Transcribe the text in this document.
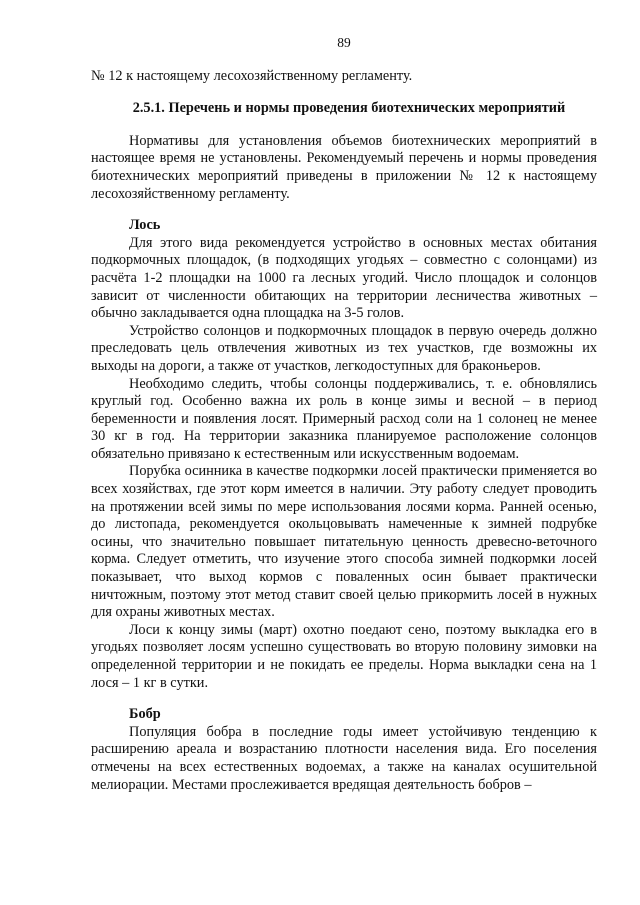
89

№ 12 к настоящему лесохозяйственному регламенту.

2.5.1. Перечень и нормы проведения биотехнических мероприятий

Нормативы для установления объемов биотехнических мероприятий в настоящее время не установлены. Рекомендуемый перечень и нормы проведения биотехнических мероприятий приведены в приложении № 12 к настоящему лесохозяйственному регламенту.

Лось

Для этого вида рекомендуется устройство в основных местах обитания подкормочных площадок, (в подходящих угодьях – совместно с солонцами) из расчёта 1-2 площадки на 1000 га лесных угодий. Число площадок и солонцов зависит от численности обитающих на территории лесничества животных – обычно закладывается одна площадка на 3-5 голов.

Устройство солонцов и подкормочных площадок в первую очередь должно преследовать цель отвлечения животных из тех участков, где возможны их выходы на дороги, а также от участков, легкодоступных для браконьеров.

Необходимо следить, чтобы солонцы поддерживались, т. е. обновлялись круглый год. Особенно важна их роль в конце зимы и весной – в период беременности и появления лосят. Примерный расход соли на 1 солонец не менее 30 кг в год. На территории заказника планируемое расположение солонцов обязательно привязано к естественным или искусственным водоемам.

Порубка осинника в качестве подкормки лосей практически применяется во всех хозяйствах, где этот корм имеется в наличии. Эту работу следует проводить на протяжении всей зимы по мере использования лосями корма. Ранней осенью, до листопада, рекомендуется окольцовывать намеченные к зимней подрубке осины, что значительно повышает питательную ценность древесно-веточного корма. Следует отметить, что изучение этого способа зимней подкормки лосей показывает, что выход кормов с поваленных осин бывает практически ничтожным, поэтому этот метод ставит своей целью прикормить лосей в нужных для охраны животных местах.

Лоси к концу зимы (март) охотно поедают сено, поэтому выкладка его в угодьях позволяет лосям успешно существовать во вторую половину зимовки на определенной территории и не покидать ее пределы. Норма выкладки сена на 1 лося – 1 кг в сутки.

Бобр

Популяция бобра в последние годы имеет устойчивую тенденцию к расширению ареала и возрастанию плотности населения вида. Его поселения отмечены на всех естественных водоемах, а также на каналах осушительной мелиорации. Местами прослеживается вредящая деятельность бобров –
